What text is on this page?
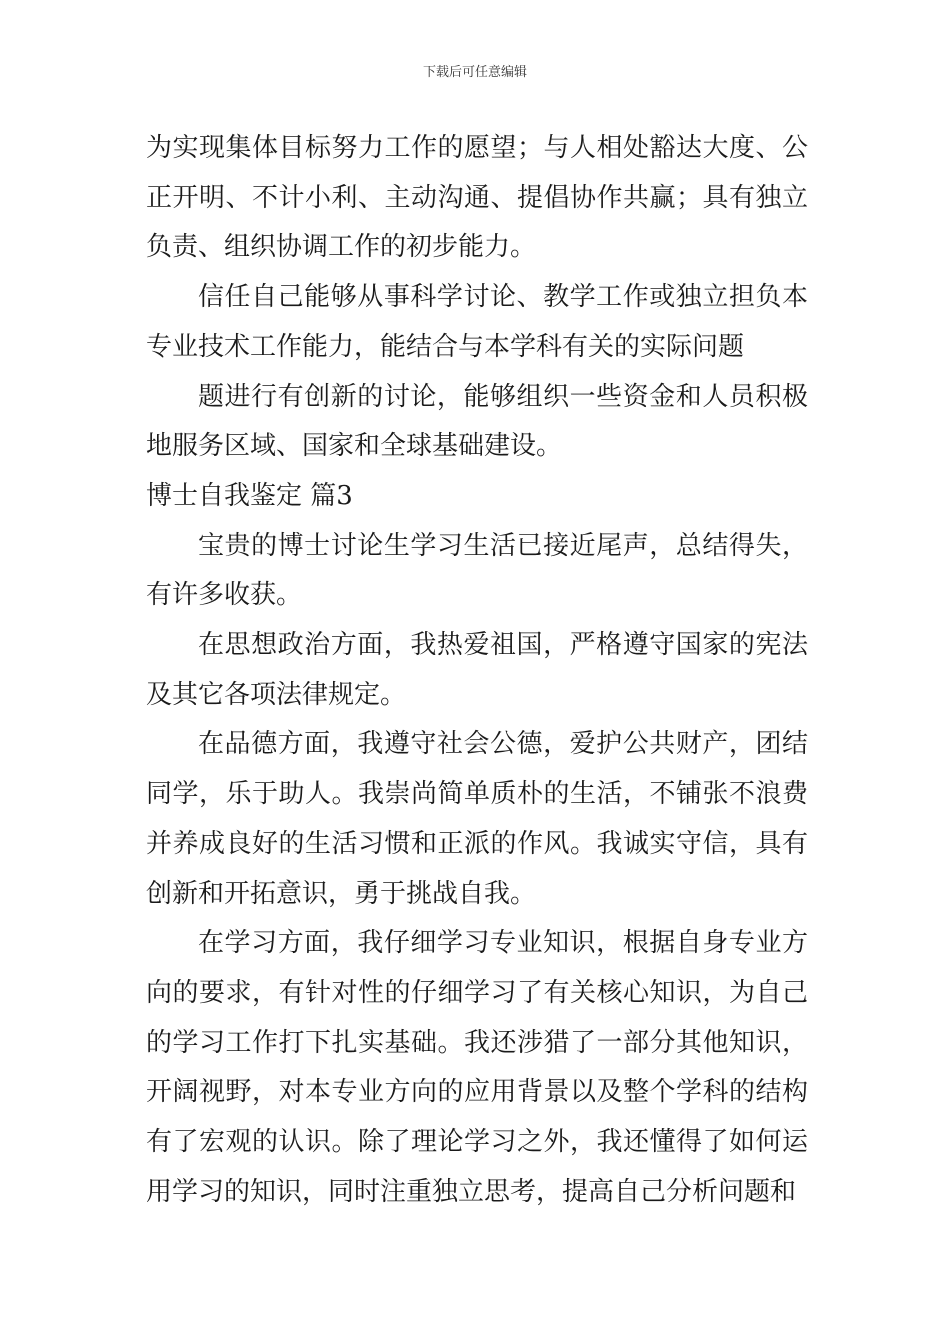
下载后可任意编辑

为实现集体目标努力工作的愿望；与人相处豁达大度、公正开明、不计小利、主动沟通、提倡协作共赢；具有独立负责、组织协调工作的初步能力。

信任自己能够从事科学讨论、教学工作或独立担负本专业技术工作能力，能结合与本学科有关的实际问题

题进行有创新的讨论，能够组织一些资金和人员积极地服务区域、国家和全球基础建设。

博士自我鉴定 篇3

宝贵的博士讨论生学习生活已接近尾声，总结得失，有许多收获。

在思想政治方面，我热爱祖国，严格遵守国家的宪法及其它各项法律规定。

在品德方面，我遵守社会公德，爱护公共财产，团结同学，乐于助人。我崇尚简单质朴的生活，不铺张不浪费并养成良好的生活习惯和正派的作风。我诚实守信，具有创新和开拓意识，勇于挑战自我。

在学习方面，我仔细学习专业知识，根据自身专业方向的要求，有针对性的仔细学习了有关核心知识，为自己的学习工作打下扎实基础。我还涉猎了一部分其他知识，开阔视野，对本专业方向的应用背景以及整个学科的结构有了宏观的认识。除了理论学习之外，我还懂得了如何运用学习的知识，同时注重独立思考，提高自己分析问题和
